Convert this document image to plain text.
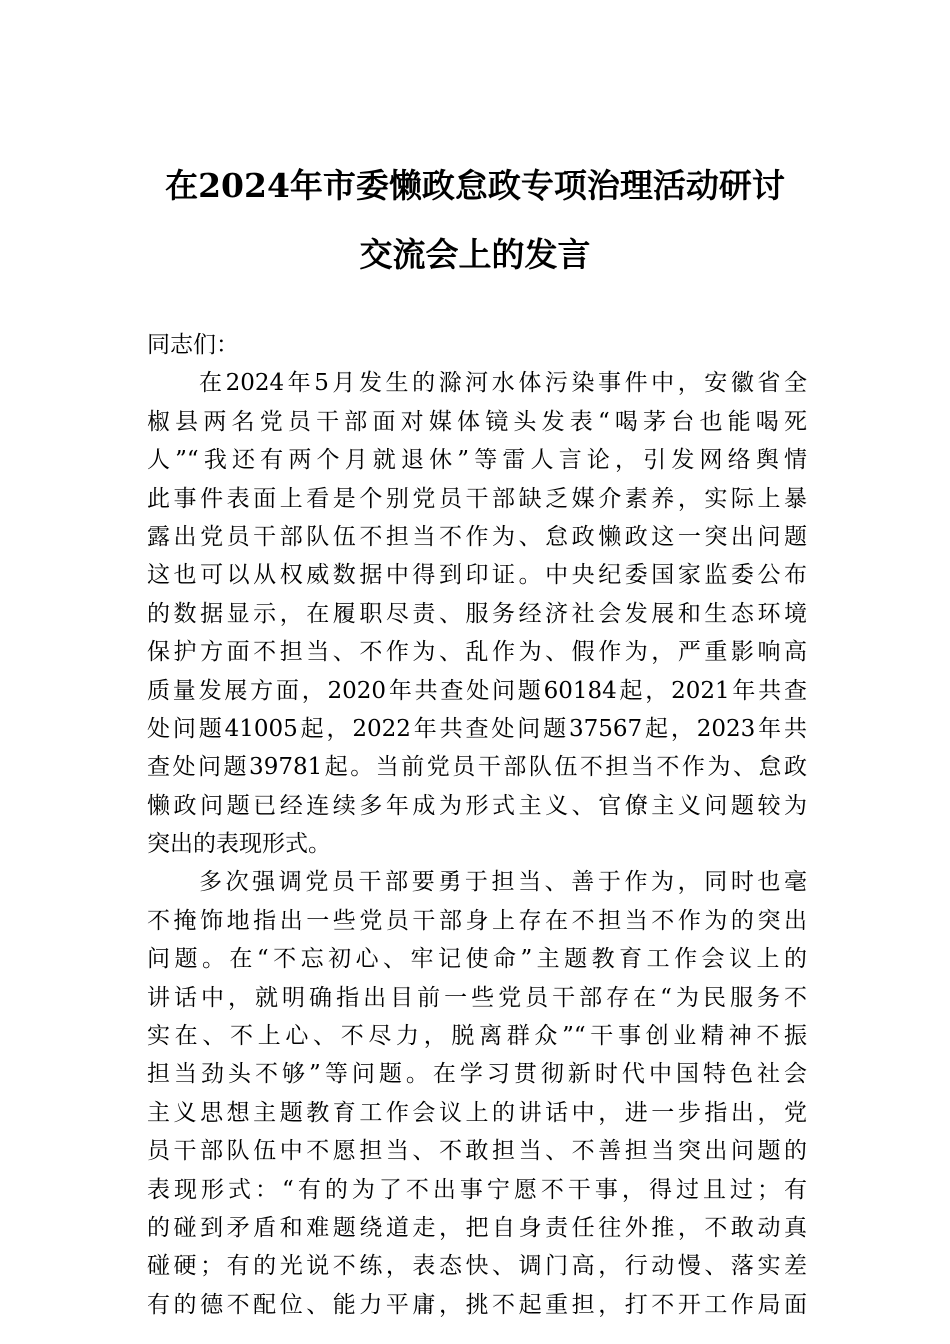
在2024年市委懒政怠政专项治理活动研讨
交流会上的发言
同志们：
在2024年5月发生的滁河水体污染事件中，安徽省全
椒县两名党员干部面对媒体镜头发表“喝茅台也能喝死
人”“我还有两个月就退休”等雷人言论，引发网络舆情
此事件表面上看是个别党员干部缺乏媒介素养，实际上暴
露出党员干部队伍不担当不作为、怠政懒政这一突出问题
这也可以从权威数据中得到印证。中央纪委国家监委公布
的数据显示，在履职尽责、服务经济社会发展和生态环境
保护方面不担当、不作为、乱作为、假作为，严重影响高
质量发展方面，2020年共查处问题60184起，2021年共查
处问题41005起，2022年共查处问题37567起，2023年共
查处问题39781起。当前党员干部队伍不担当不作为、怠政
懒政问题已经连续多年成为形式主义、官僚主义问题较为
突出的表现形式。
多次强调党员干部要勇于担当、善于作为，同时也毫
不掩饰地指出一些党员干部身上存在不担当不作为的突出
问题。在“不忘初心、牢记使命”主题教育工作会议上的
讲话中，就明确指出目前一些党员干部存在“为民服务不
实在、不上心、不尽力，脱离群众”“干事创业精神不振
担当劲头不够”等问题。在学习贯彻新时代中国特色社会
主义思想主题教育工作会议上的讲话中，进一步指出，党
员干部队伍中不愿担当、不敢担当、不善担当突出问题的
表现形式：“有的为了不出事宁愿不干事，得过且过；有
的碰到矛盾和难题绕道走，把自身责任往外推，不敢动真
碰硬；有的光说不练，表态快、调门高，行动慢、落实差
有的德不配位、能力平庸，挑不起重担，打不开工作局面
